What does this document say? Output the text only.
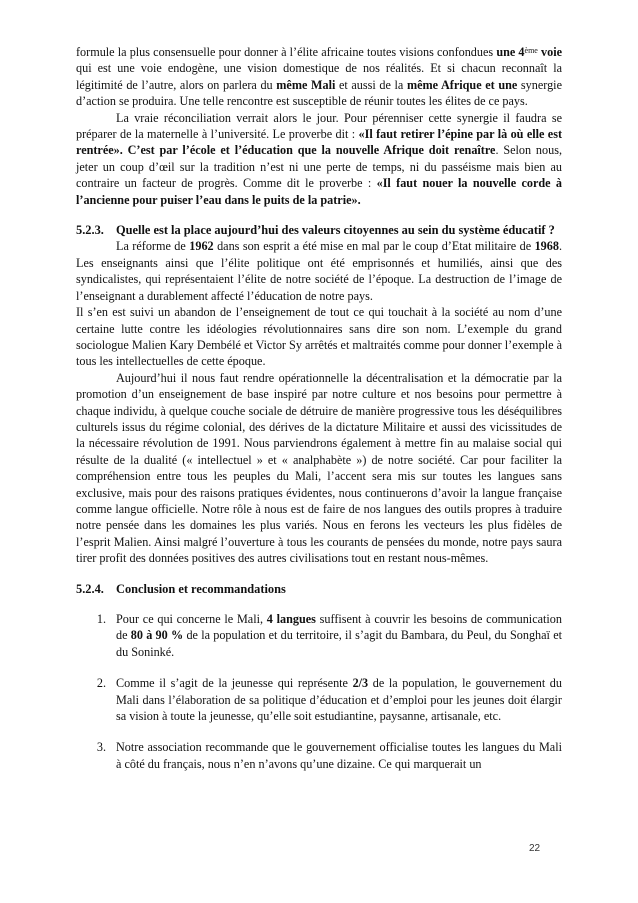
formule la plus consensuelle pour donner à l’élite africaine toutes visions confondues une 4ème voie qui est une voie endogène, une vision domestique de nos réalités. Et si chacun reconnaît la légitimité de l’autre, alors on parlera du même Mali et aussi de la même Afrique et une synergie d’action se produira. Une telle rencontre est susceptible de réunir toutes les élites de ce pays.

La vraie réconciliation verrait alors le jour. Pour pérenniser cette synergie il faudra se préparer de la maternelle à l’université. Le proverbe dit : «Il faut retirer l’épine par là où elle est rentrée». C’est par l’école et l’éducation que la nouvelle Afrique doit renaître. Selon nous, jeter un coup d’œil sur la tradition n’est ni une perte de temps, ni du passéisme mais bien au contraire un facteur de progrès. Comme dit le proverbe : «Il faut nouer la nouvelle corde à l’ancienne pour puiser l’eau dans le puits de la patrie».

5.2.3. Quelle est la place aujourd’hui des valeurs citoyennes au sein du système éducatif ?

La réforme de 1962 dans son esprit a été mise en mal par le coup d’Etat militaire de 1968. Les enseignants ainsi que l’élite politique ont été emprisonnés et humiliés, ainsi que des syndicalistes, qui représentaient l’élite de notre société de l’époque. La destruction de l’image de l’enseignant a durablement affecté l’éducation de notre pays.

Il s’en est suivi un abandon de l’enseignement de tout ce qui touchait à la société au nom d’une certaine lutte contre les idéologies révolutionnaires sans dire son nom. L’exemple du grand sociologue Malien Kary Dembélé et Victor Sy arrêtés et maltraités comme pour donner l’exemple à tous les intellectuelles de cette époque.

Aujourd’hui il nous faut rendre opérationnelle la décentralisation et la démocratie par la promotion d’un enseignement de base inspiré par notre culture et nos besoins pour permettre à chaque individu, à quelque couche sociale de détruire de manière progressive tous les déséquilibres culturels issus du régime colonial, des dérives de la dictature Militaire et aussi des vicissitudes de la nécessaire révolution de 1991. Nous parviendrons également à mettre fin au malaise social qui résulte de la dualité (« intellectuel » et « analphabète ») de notre société. Car pour faciliter la compréhension entre tous les peuples du Mali, l’accent sera mis sur toutes les langues sans exclusive, mais pour des raisons pratiques évidentes, nous continuerons d’avoir la langue française comme langue officielle. Notre rôle à nous est de faire de nos langues des outils propres à traduire notre pensée dans les domaines les plus variés. Nous en ferons les vecteurs les plus fidèles de l’esprit Malien. Ainsi malgré l’ouverture à tous les courants de pensées du monde, notre pays saura tirer profit des données positives des autres civilisations tout en restant nous-mêmes.

5.2.4. Conclusion et recommandations
1. Pour ce qui concerne le Mali, 4 langues suffisent à couvrir les besoins de communication de 80 à 90 % de la population et du territoire, il s’agit du Bambara, du Peul, du Songhaï et du Soninké.
2. Comme il s’agit de la jeunesse qui représente 2/3 de la population, le gouvernement du Mali dans l’élaboration de sa politique d’éducation et d’emploi pour les jeunes doit élargir sa vision à toute la jeunesse, qu’elle soit estudiantine, paysanne, artisanale, etc.
3. Notre association recommande que le gouvernement officialise toutes les langues du Mali à côté du français, nous n’en n’avons qu’une dizaine. Ce qui marquerait un
22
